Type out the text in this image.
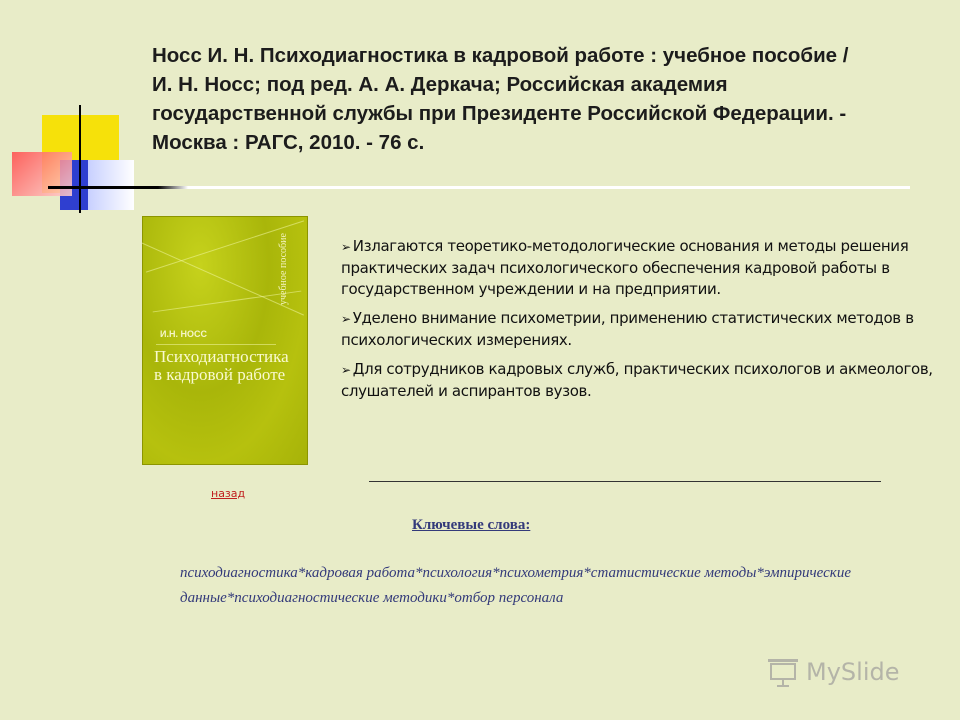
Носс И. Н. Психодиагностика в кадровой работе : учебное пособие / И. Н. Носс; под ред. А. А. Деркача; Российская академия государственной службы при Президенте Российской Федерации. - Москва : РАГС, 2010. - 76 с.
учебное пособие
И.Н. НОСС
Психодиагностика в кадровой работе
➢ Излагаются теоретико-методологические основания и методы решения практических задач психологического обеспечения кадровой работы в государственном учреждении и на предприятии.
➢ Уделено внимание психометрии, применению статистических методов в психологических измерениях.
➢ Для сотрудников кадровых служб, практических психологов и акмеологов, слушателей и аспирантов вузов.
назад
Ключевые слова:
психодиагностика*кадровая работа*психология*психометрия*статистические методы*эмпирические данные*психодиагностические методики*отбор персонала
MySlide
